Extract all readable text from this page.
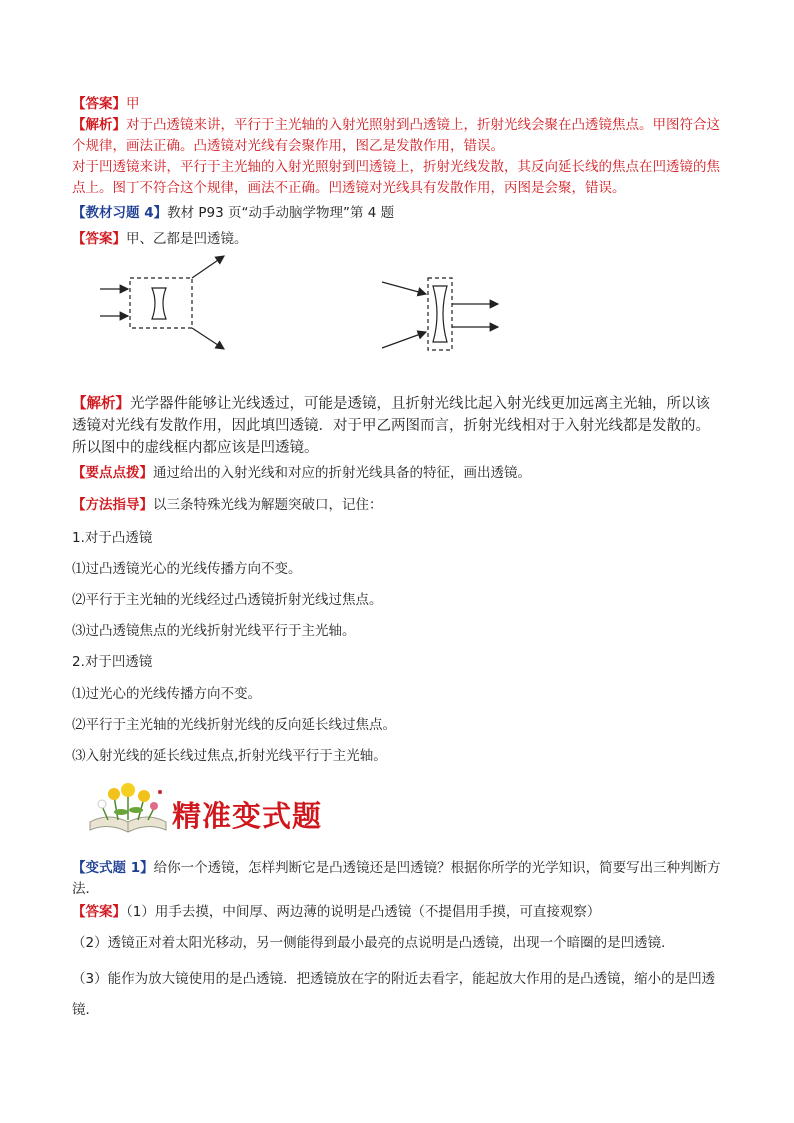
【答案】甲
【解析】对于凸透镜来讲，平行于主光轴的入射光照射到凸透镜上，折射光线会聚在凸透镜焦点。甲图符合这个规律，画法正确。凸透镜对光线有会聚作用，图乙是发散作用，错误。
对于凹透镜来讲，平行于主光轴的入射光照射到凹透镜上，折射光线发散，其反向延长线的焦点在凹透镜的焦点上。图丁不符合这个规律，画法不正确。凹透镜对光线具有发散作用，丙图是会聚，错误。
【教材习题 4】教材 P93 页“动手动脑学物理”第 4 题
【答案】甲、乙都是凹透镜。
【解析】光学器件能够让光线透过，可能是透镜，且折射光线比起入射光线更加远离主光轴，所以该透镜对光线有发散作用，因此填凹透镜．对于甲乙两图而言，折射光线相对于入射光线都是发散的。所以图中的虚线框内都应该是凹透镜。
【要点点拨】通过给出的入射光线和对应的折射光线具备的特征，画出透镜。
【方法指导】以三条特殊光线为解题突破口，记住：
1.对于凸透镜
⑴过凸透镜光心的光线传播方向不变。
⑵平行于主光轴的光线经过凸透镜折射光线过焦点。
⑶过凸透镜焦点的光线折射光线平行于主光轴。
2.对于凹透镜
⑴过光心的光线传播方向不变。
⑵平行于主光轴的光线折射光线的反向延长线过焦点。
⑶入射光线的延长线过焦点,折射光线平行于主光轴。
精准变式题
【变式题 1】给你一个透镜，怎样判断它是凸透镜还是凹透镜？根据你所学的光学知识，简要写出三种判断方法．
【答案】（1）用手去摸，中间厚、两边薄的说明是凸透镜（不提倡用手摸，可直接观察）
（2）透镜正对着太阳光移动，另一侧能得到最小最亮的点说明是凸透镜，出现一个暗圈的是凹透镜．
（3）能作为放大镜使用的是凸透镜．把透镜放在字的附近去看字，能起放大作用的是凸透镜，缩小的是凹透镜．
